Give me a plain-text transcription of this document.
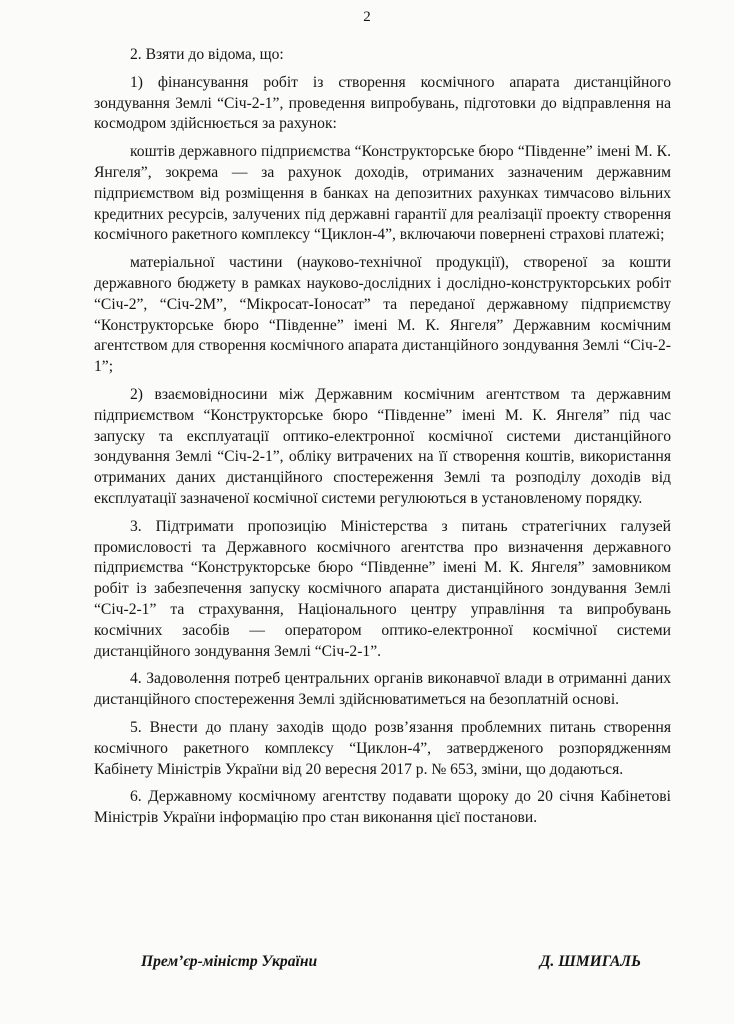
2

2. Взяти до відома, що:

1) фінансування робіт із створення космічного апарата дистанційного зондування Землі “Січ-2-1”, проведення випробувань, підготовки до відправлення на космодром здійснюється за рахунок:

коштів державного підприємства “Конструкторське бюро “Південне” імені М. К. Янгеля”, зокрема — за рахунок доходів, отриманих зазначеним державним підприємством від розміщення в банках на депозитних рахунках тимчасово вільних кредитних ресурсів, залучених під державні гарантії для реалізації проекту створення космічного ракетного комплексу “Циклон-4”, включаючи повернені страхові платежі;

матеріальної частини (науково-технічної продукції), створеної за кошти державного бюджету в рамках науково-дослідних і дослідно-конструкторських робіт “Січ-2”, “Січ-2М”, “Мікросат-Іоносат” та переданої державному підприємству “Конструкторське бюро “Південне” імені М. К. Янгеля” Державним космічним агентством для створення космічного апарата дистанційного зондування Землі “Січ-2-1”;

2) взаємовідносини між Державним космічним агентством та державним підприємством “Конструкторське бюро “Південне” імені М. К. Янгеля” під час запуску та експлуатації оптико-електронної космічної системи дистанційного зондування Землі “Січ-2-1”, обліку витрачених на її створення коштів, використання отриманих даних дистанційного спостереження Землі та розподілу доходів від експлуатації зазначеної космічної системи регулюються в установленому порядку.

3. Підтримати пропозицію Міністерства з питань стратегічних галузей промисловості та Державного космічного агентства про визначення державного підприємства “Конструкторське бюро “Південне” імені М. К. Янгеля” замовником робіт із забезпечення запуску космічного апарата дистанційного зондування Землі “Січ-2-1” та страхування, Національного центру управління та випробувань космічних засобів — оператором оптико-електронної космічної системи дистанційного зондування Землі “Січ-2-1”.

4. Задоволення потреб центральних органів виконавчої влади в отриманні даних дистанційного спостереження Землі здійснюватиметься на безоплатній основі.

5. Внести до плану заходів щодо розв’язання проблемних питань створення космічного ракетного комплексу “Циклон-4”, затвердженого розпорядженням Кабінету Міністрів України від 20 вересня 2017 р. № 653, зміни, що додаються.

6. Державному космічному агентству подавати щороку до 20 січня Кабінетові Міністрів України інформацію про стан виконання цієї постанови.

Прем’єр-міністр України	Д. ШМИГАЛЬ
